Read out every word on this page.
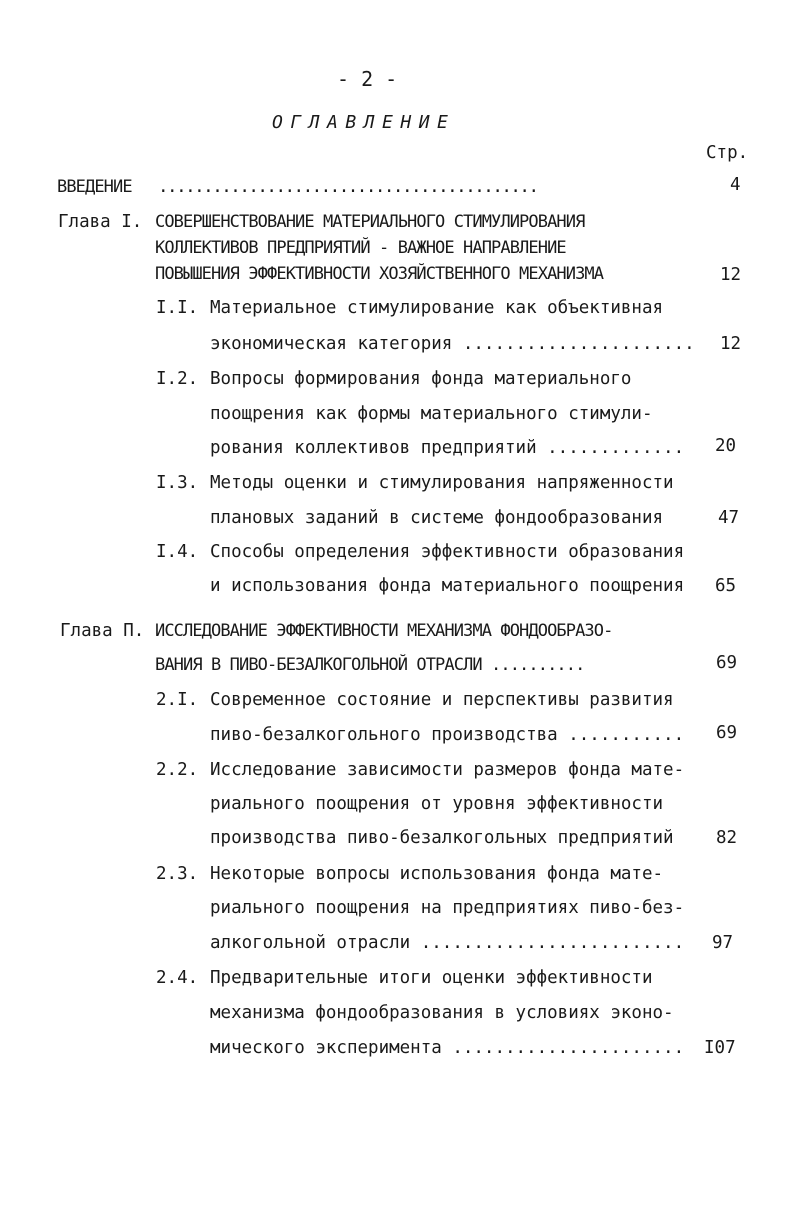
- 2 -
ОГЛАВЛЕНИЕ
Стр.
ВВЕДЕНИЕ ..........................................	4
Глава I. СОВЕРШЕНСТВОВАНИЕ МАТЕРИАЛЬНОГО СТИМУЛИРОВАНИЯ
КОЛЛЕКТИВОВ ПРЕДПРИЯТИЙ - ВАЖНОЕ НАПРАВЛЕНИЕ
ПОВЫШЕНИЯ ЭФФЕКТИВНОСТИ ХОЗЯЙСТВЕННОГО МЕХАНИЗМА	12
I.I. Материальное стимулирование как объективная
экономическая категория ...................... 12
I.2. Вопросы формирования фонда материального
поощрения как формы материального стимули-
рования коллективов предприятий ............. 20
I.3. Методы оценки и стимулирования напряженности
плановых заданий в системе фондообразования	47
I.4. Способы определения эффективности образования
и использования фонда материального поощрения 65
Глава П. ИССЛЕДОВАНИЕ ЭФФЕКТИВНОСТИ МЕХАНИЗМА ФОНДООБРАЗО-
ВАНИЯ В ПИВО-БЕЗАЛКОГОЛЬНОЙ ОТРАСЛИ ..........	69
2.I. Современное состояние и перспективы развития
пиво-безалкогольного производства ........... 69
2.2. Исследование зависимости размеров фонда мате-
риального поощрения от уровня эффективности
производства пиво-безалкогольных предприятий 82
2.3. Некоторые вопросы использования фонда мате-
риального поощрения на предприятиях пиво-без-
алкогольной отрасли ......................... 97
2.4. Предварительные итоги оценки эффективности
механизма фондообразования в условиях эконо-
мического эксперимента ...................... I07
